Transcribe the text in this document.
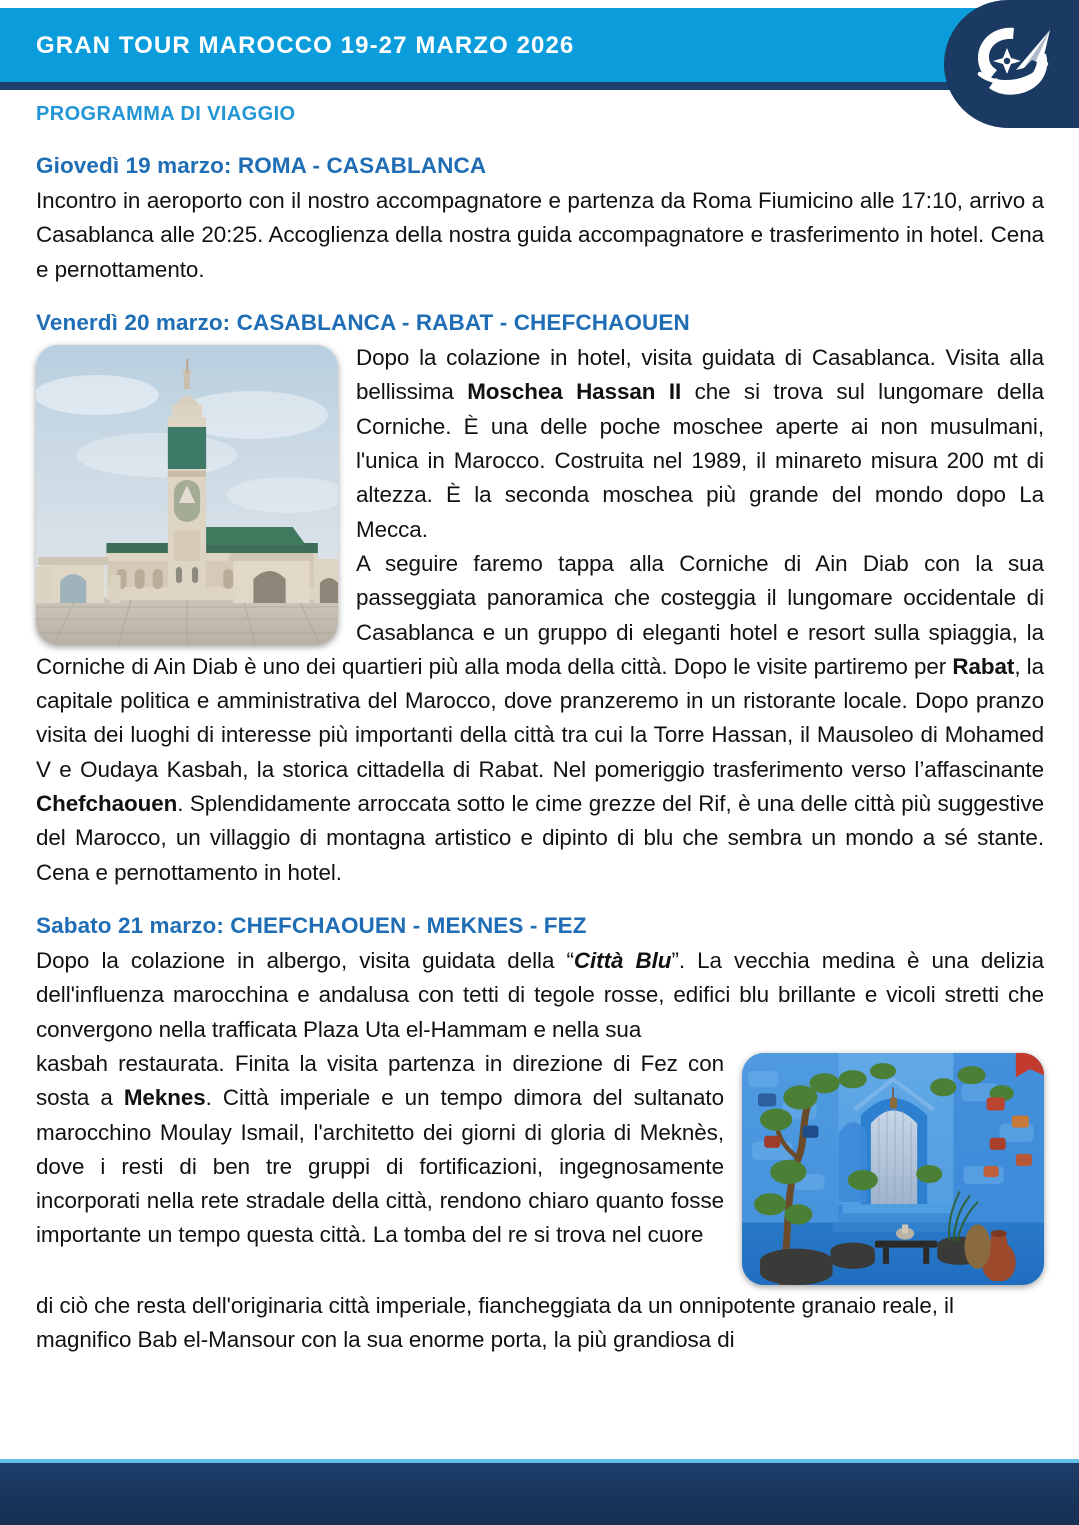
GRAN TOUR MAROCCO 19-27 MARZO 2026
PROGRAMMA DI VIAGGIO
Giovedì 19 marzo: ROMA - CASABLANCA

Incontro in aeroporto con il nostro accompagnatore e partenza da Roma Fiumicino alle 17:10, arrivo a Casablanca alle 20:25. Accoglienza della nostra guida accompagnatore e trasferimento in hotel. Cena e pernottamento.

Venerdì 20 marzo: CASABLANCA - RABAT - CHEFCHAOUEN

Dopo la colazione in hotel, visita guidata di Casablanca. Visita alla bellissima Moschea Hassan II che si trova sul lungomare della Corniche. È una delle poche moschee aperte ai non musulmani, l'unica in Marocco. Costruita nel 1989, il minareto misura 200 mt di altezza. È la seconda moschea più grande del mondo dopo La Mecca.

A seguire faremo tappa alla Corniche di Ain Diab con la sua passeggiata panoramica che costeggia il lungomare occidentale di Casablanca e un gruppo di eleganti hotel e resort sulla spiaggia, la Corniche di Ain Diab è uno dei quartieri più alla moda della città. Dopo le visite partiremo per Rabat, la capitale politica e amministrativa del Marocco, dove pranzeremo in un ristorante locale. Dopo pranzo visita dei luoghi di interesse più importanti della città tra cui la Torre Hassan, il Mausoleo di Mohamed V e Oudaya Kasbah, la storica cittadella di Rabat. Nel pomeriggio trasferimento verso l’affascinante Chefchaouen. Splendidamente arroccata sotto le cime grezze del Rif, è una delle città più suggestive del Marocco, un villaggio di montagna artistico e dipinto di blu che sembra un mondo a sé stante. Cena e pernottamento in hotel.

Sabato 21 marzo: CHEFCHAOUEN - MEKNES - FEZ

Dopo la colazione in albergo, visita guidata della “Città Blu”. La vecchia medina è una delizia dell'influenza marocchina e andalusa con tetti di tegole rosse, edifici blu brillante e vicoli stretti che convergono nella trafficata Plaza Uta el-Hammam e nella sua

kasbah restaurata. Finita la visita partenza in direzione di Fez con sosta a Meknes. Città imperiale e un tempo dimora del sultanato marocchino Moulay Ismail, l'architetto dei giorni di gloria di Meknès, dove i resti di ben tre gruppi di fortificazioni, ingegnosamente incorporati nella rete stradale della città, rendono chiaro quanto fosse importante un tempo questa città. La tomba del re si trova nel cuore

di ciò che resta dell'originaria città imperiale, fiancheggiata da un onnipotente granaio reale, il magnifico Bab el-Mansour con la sua enorme porta, la più grandiosa di
